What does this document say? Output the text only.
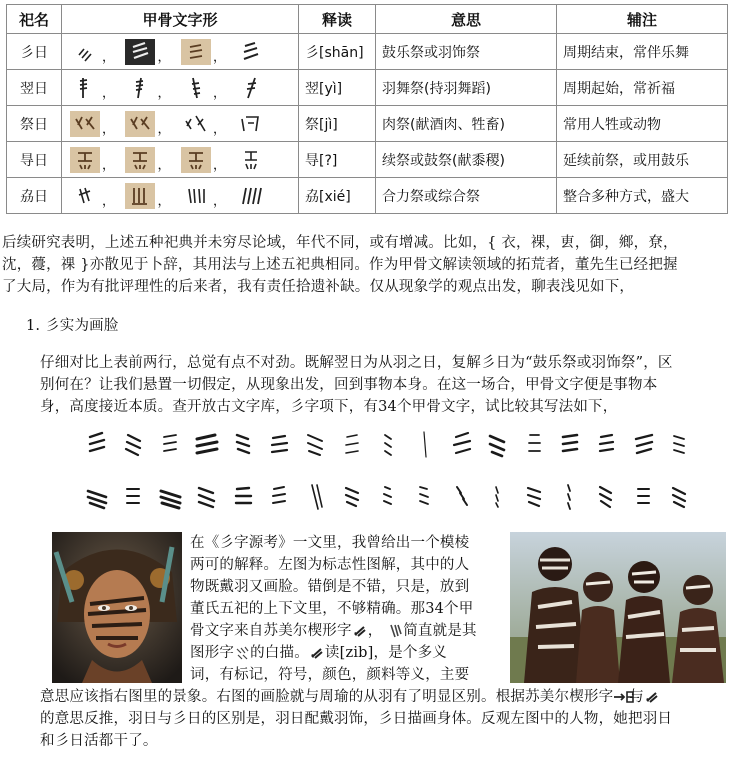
祀名	甲骨文字形	释读	意思	辅注
彡日	， ， ，	彡[shān]	鼓乐祭或羽饰祭	周期结束，常伴乐舞
翌日	， ， ，	翌[yì]	羽舞祭(持羽舞蹈)	周期起始，常祈福
祭日	， ， ，	祭[jì]	肉祭(献酒肉、牲畜)	常用人牲或动物
㝵日	， ， ，	㝵[?]	续祭或鼓祭(献黍稷)	延续前祭，或用鼓乐
劦日	， ， ，	劦[xié]	合力祭或综合祭	整合多种方式，盛大
后续研究表明，上述五种祀典并未穷尽论域，年代不同，或有增减。比如，{ 衣，裸，叀，御，鄉，尞，
沈，蘉，祼 }亦散见于卜辞，其用法与上述五祀典相同。作为甲骨文解读领域的拓荒者，董先生已经把握
了大局，作为有批评理性的后来者，我有责任拾遗补缺。仅从现象学的观点出发，聊表浅见如下，
1. 彡实为画脸
仔细对比上表前两行，总觉有点不对劲。既解翌日为从羽之日，复解彡日为“鼓乐祭或羽饰祭”，区
别何在？让我们悬置一切假定，从现象出发，回到事物本身。在这一场合，甲骨文字便是事物本
身，高度接近本质。查开放古文字库，彡字项下，有34个甲骨文字，试比较其写法如下，
在《彡字源考》一文里，我曾给出一个模棱
两可的解释。左图为标志性图解，其中的人
物既戴羽又画脸。错倒是不错，只是，放到
董氏五祀的上下文里，不够精确。那34个甲
骨文字来自苏美尔楔形字 ， 简直就是其
图形字 的白描。 读[zib]，是个多义
词，有标记，符号，颜色，颜料等义，主要
意思应该指右图里的景象。右图的画脸就与周瑜的从羽有了明显区别。根据苏美尔楔形字 与
的意思反推，羽日与彡日的区别是，羽日配戴羽饰，彡日描画身体。反观左图中的人物，她把羽日
和彡日活都干了。
